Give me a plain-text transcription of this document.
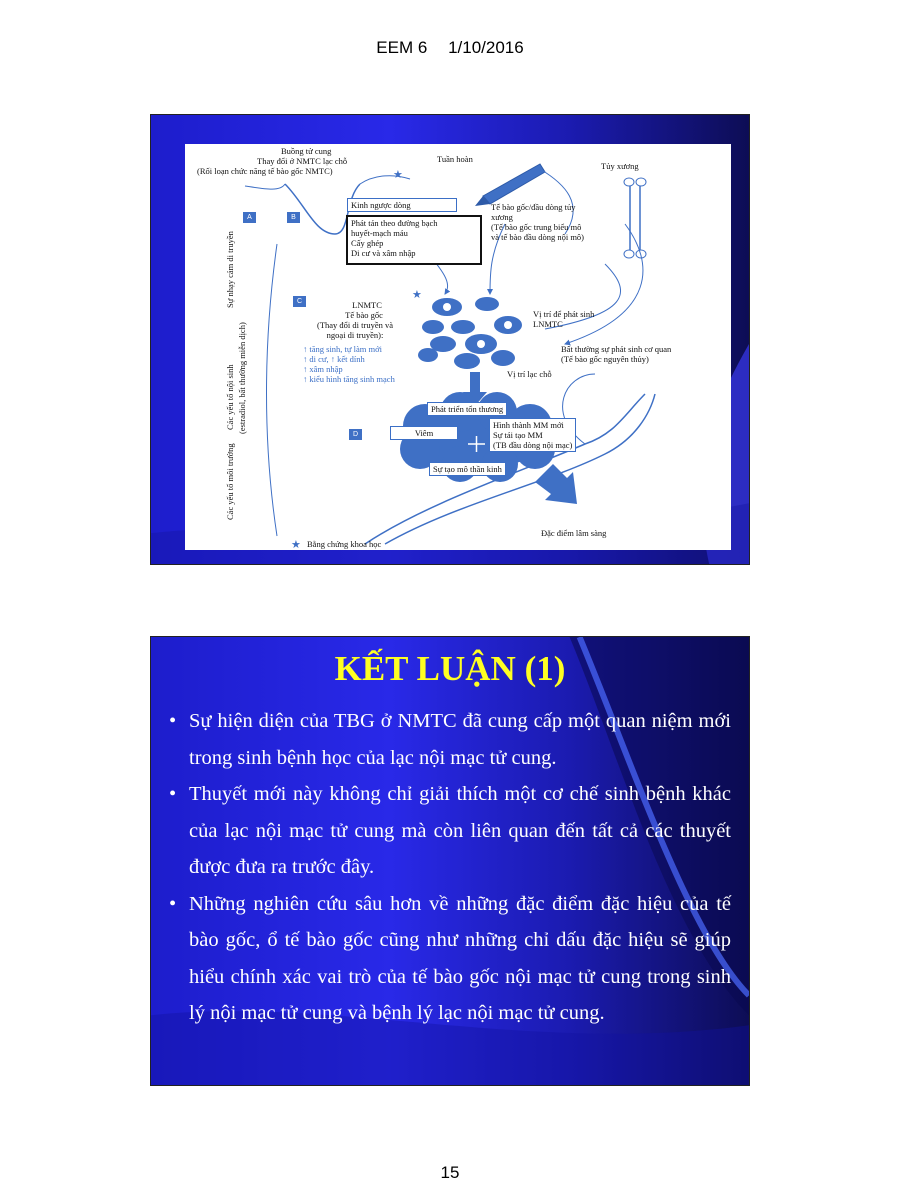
EEM 6 1/10/2016
★
★
★
Buồng tử cung
Thay đổi ở NMTC lạc chỗ
(Rối loạn chức năng tế bào gốc NMTC)
Tuần hoàn
Tủy xương
Kinh ngược dòng
Phát tán theo đường bạch
huyết-mạch máu
Cấy ghép
Di cư và xâm nhập
Tế bào gốc/đầu dòng tủy
xương
(Tế bào gốc trung biểu mô
và tế bào đầu dòng nội mô)
A	B
C
D
LNMTC
Tế bào gốc
(Thay đổi di truyền và
ngoại di truyền):
↑ tăng sinh, tự làm mới
↑ di cư, ↑ kết dính
↑ xâm nhập
↑ kiểu hình tăng sinh mạch
Vị trí để phát sinh
LNMTC
Bất thường sự phát sinh cơ quan
(Tế bào gốc nguyên thủy)
Vị trí lạc chỗ
Phát triển tổn thương
Viêm
Hình thành MM mới
Sự tái tạo MM
(TB đầu dòng nội mạc)
Sự tạo mô thần kinh
Đặc điểm lâm sàng
Bằng chứng khoa học
Sự nhạy cảm di truyền
Các yếu tố nội sinh (estradiol, bất thường miễn dịch)
Các yếu tố môi trường
KẾT LUẬN (1)
• Sự hiện diện của TBG ở NMTC đã cung cấp một quan niệm mới trong sinh bệnh học của lạc nội mạc tử cung.
• Thuyết mới này không chỉ giải thích một cơ chế sinh bệnh khác của lạc nội mạc tử cung mà còn liên quan đến tất cả các thuyết được đưa ra trước đây.
• Những nghiên cứu sâu hơn về những đặc điểm đặc hiệu của tế bào gốc, ổ tế bào gốc cũng như những chỉ dấu đặc hiệu sẽ giúp hiểu chính xác vai trò của tế bào gốc nội mạc tử cung trong sinh lý nội mạc tử cung và bệnh lý lạc nội mạc tử cung.
15
